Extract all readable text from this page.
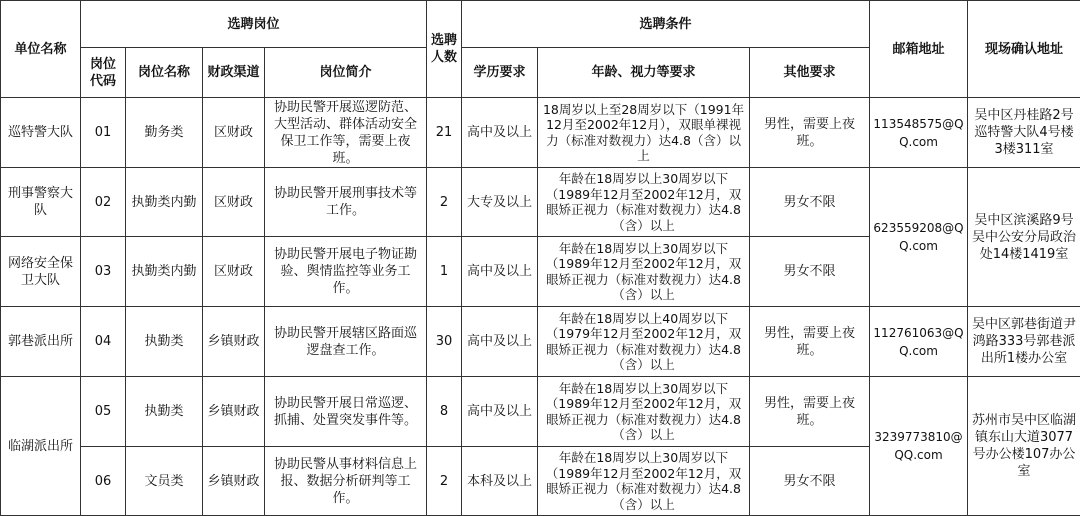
单位名称	选聘岗位				选聘人数	选聘条件			邮箱地址	现场确认地址
	岗位代码	岗位名称	财政渠道	岗位简介		学历要求	年龄、视力等要求	其他要求		
巡特警大队	01	勤务类	区财政	协助民警开展巡逻防范、大型活动、群体活动安全保卫工作等，需要上夜班。	21	高中及以上	18周岁以上至28周岁以下（1991年12月至2002年12月），双眼单裸视力（标准对数视力）达4.8（含）以上	男性，需要上夜班。	113548575@QQ.com	吴中区丹桂路2号巡特警大队4号楼3楼311室
刑事警察大队	02	执勤类内勤	区财政	协助民警开展刑事技术等工作。	2	大专及以上	年龄在18周岁以上30周岁以下（1989年12月至2002年12月，双眼矫正视力（标准对数视力）达4.8（含）以上	男女不限	623559208@QQ.com	吴中区滨溪路9号吴中公安分局政治处14楼1419室
网络安全保卫大队	03	执勤类内勤	区财政	协助民警开展电子物证勘验、舆情监控等业务工作。	1	高中及以上	年龄在18周岁以上30周岁以下（1989年12月至2002年12月，双眼矫正视力（标准对数视力）达4.8（含）以上	男女不限		
郭巷派出所	04	执勤类	乡镇财政	协助民警开展辖区路面巡逻盘查工作。	30	高中及以上	年龄在18周岁以上40周岁以下（1979年12月至2002年12月，双眼矫正视力（标准对数视力）达4.8（含）以上	男性，需要上夜班。	112761063@QQ.com	吴中区郭巷街道尹鸿路333号郭巷派出所1楼办公室
临湖派出所	05	执勤类	乡镇财政	协助民警开展日常巡逻、抓捕、处置突发事件等。	8	高中及以上	年龄在18周岁以上30周岁以下（1989年12月至2002年12月，双眼矫正视力（标准对数视力）达4.8（含）以上	男性，需要上夜班。	3239773810@QQ.com	苏州市吴中区临湖镇东山大道3077号办公楼107办公室
	06	文员类	乡镇财政	协助民警从事材料信息上报、数据分析研判等工作。	2	本科及以上	年龄在18周岁以上30周岁以下（1989年12月至2002年12月，双眼矫正视力（标准对数视力）达4.8（含）以上	男女不限		
